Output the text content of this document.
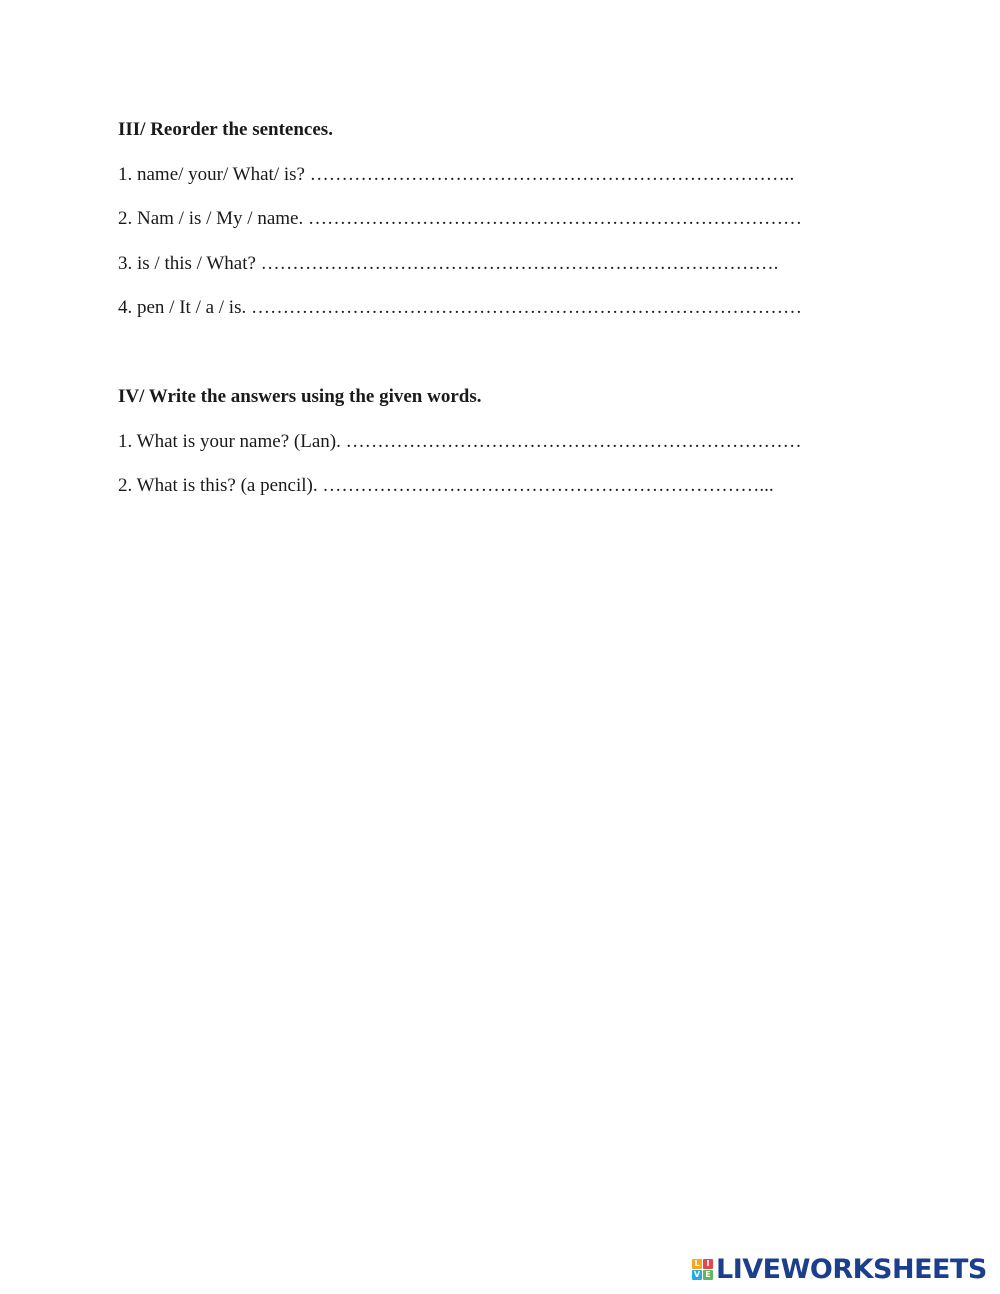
III/ Reorder the sentences.

1. name/ your/ What/ is? …………………………………………………………………..

2. Nam / is / My / name. ……………………………………………………………………

3. is / this / What? ……………………………………………………………………….

4. pen / It / a / is. ……………………………………………………………………………

IV/ Write the answers using the given words.

1. What is your name? (Lan). ………………………………………………………………

2. What is this? (a pencil). ……………………………………………………………...

L I
V E LIVEWORKSHEETS
